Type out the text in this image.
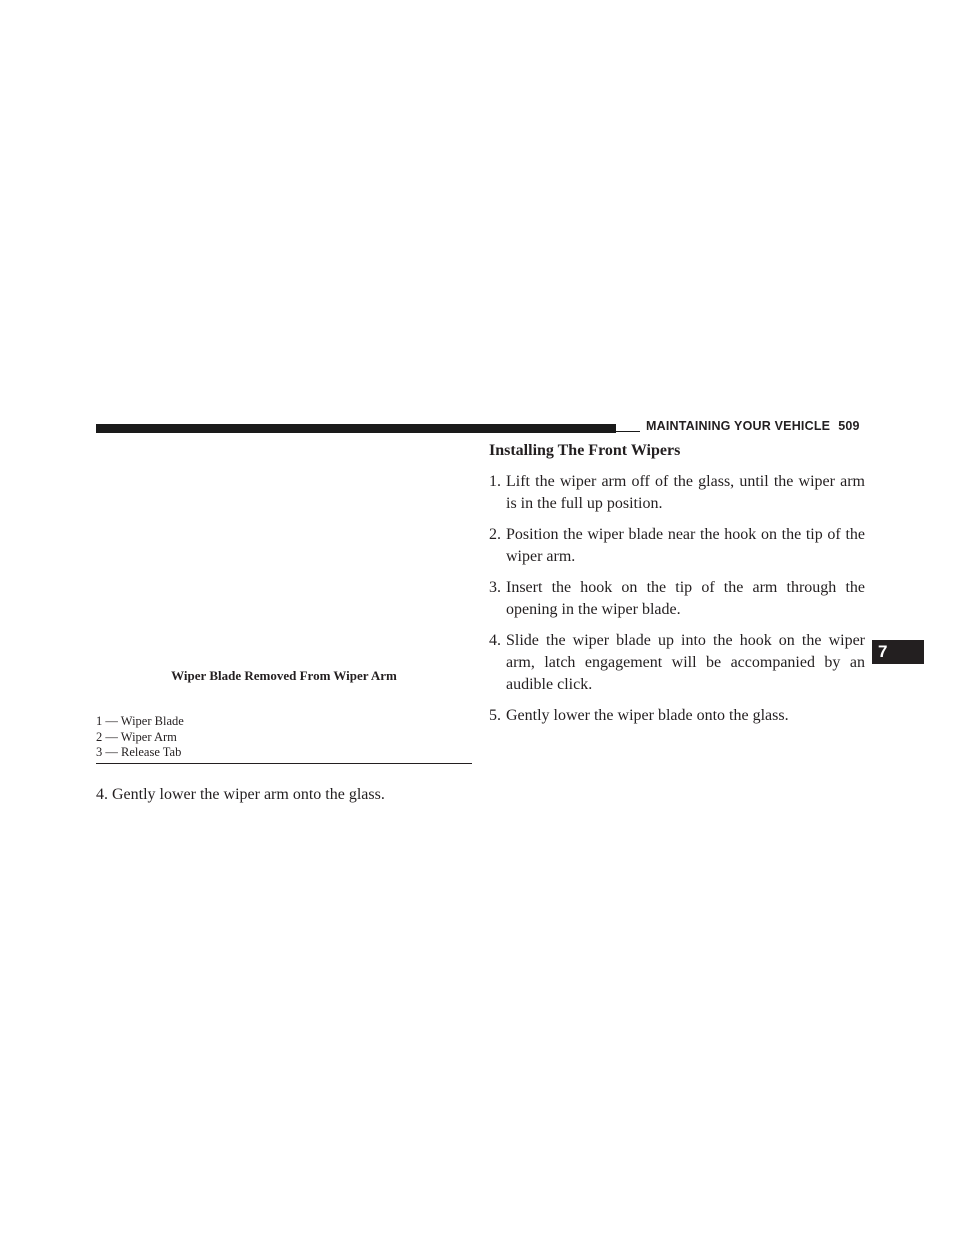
MAINTAINING YOUR VEHICLE 509
Wiper Blade Removed From Wiper Arm
1 — Wiper Blade
2 — Wiper Arm
3 — Release Tab
4. Gently lower the wiper arm onto the glass.
Installing The Front Wipers
1. Lift the wiper arm off of the glass, until the wiper arm is in the full up position.
2. Position the wiper blade near the hook on the tip of the wiper arm.
3. Insert the hook on the tip of the arm through the opening in the wiper blade.
4. Slide the wiper blade up into the hook on the wiper arm, latch engagement will be accompanied by an audible click.
5. Gently lower the wiper blade onto the glass.
7
